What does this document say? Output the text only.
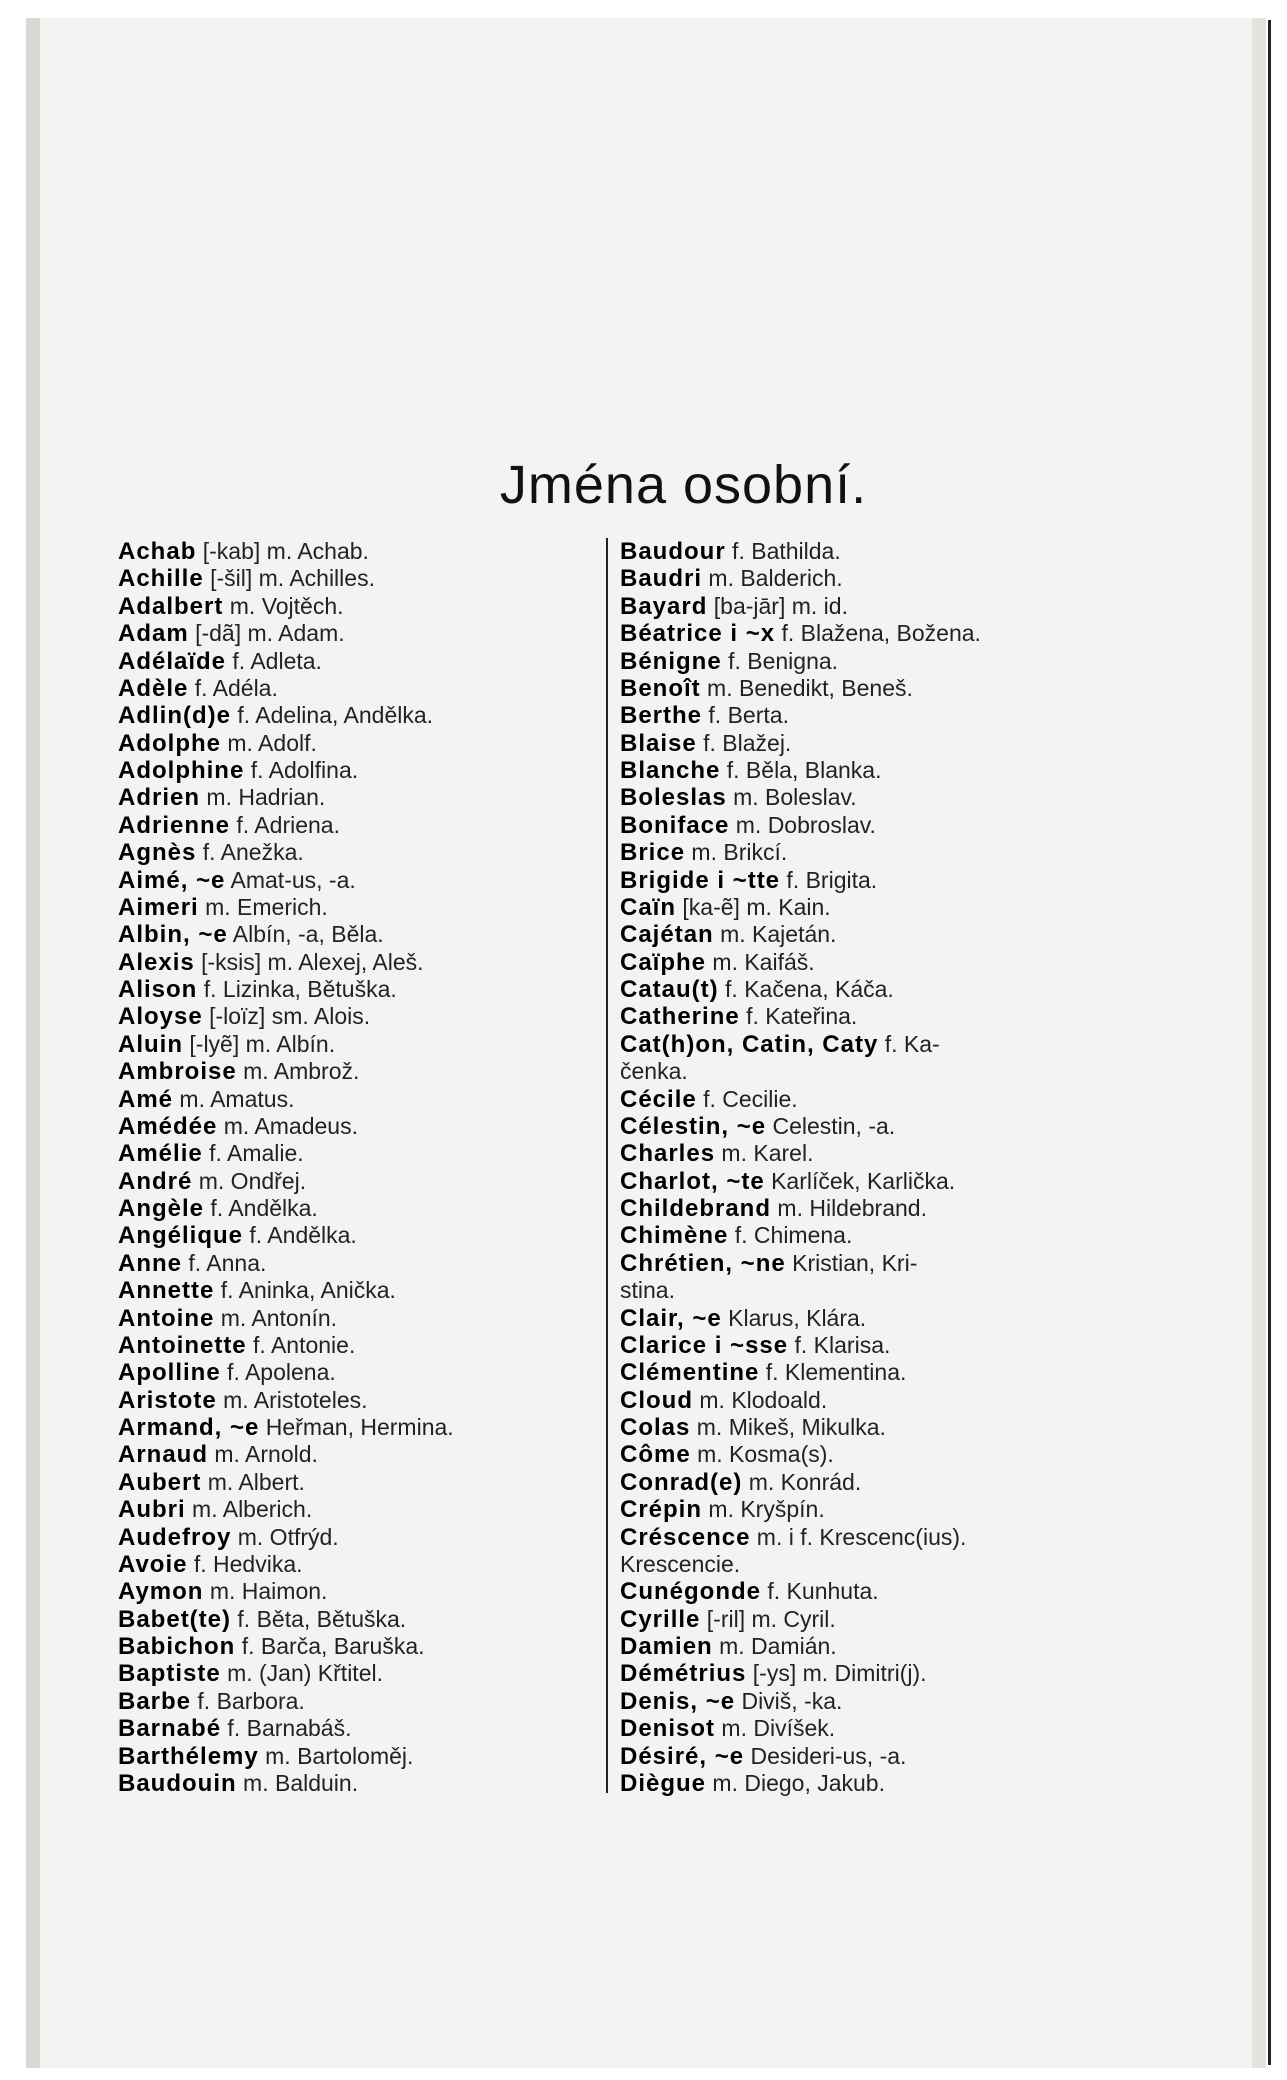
Jména osobní.
Achab [-kab] m. Achab.
Achille [-šil] m. Achilles.
Adalbert m. Vojtěch.
Adam [-dã] m. Adam.
Adélaïde f. Adleta.
Adèle f. Adéla.
Adlin(d)e f. Adelina, Andělka.
Adolphe m. Adolf.
Adolphine f. Adolfina.
Adrien m. Hadrian.
Adrienne f. Adriena.
Agnès f. Anežka.
Aimé, ~e Amat-us, -a.
Aimeri m. Emerich.
Albin, ~e Albín, -a, Běla.
Alexis [-ksis] m. Alexej, Aleš.
Alison f. Lizinka, Bětuška.
Aloyse [-loïz] sm. Alois.
Aluin [-lyẽ] m. Albín.
Ambroise m. Ambrož.
Amé m. Amatus.
Amédée m. Amadeus.
Amélie f. Amalie.
André m. Ondřej.
Angèle f. Andělka.
Angélique f. Andělka.
Anne f. Anna.
Annette f. Aninka, Anička.
Antoine m. Antonín.
Antoinette f. Antonie.
Apolline f. Apolena.
Aristote m. Aristoteles.
Armand, ~e Heřman, Hermina.
Arnaud m. Arnold.
Aubert m. Albert.
Aubri m. Alberich.
Audefroy m. Otfrýd.
Avoie f. Hedvika.
Aymon m. Haimon.
Babet(te) f. Běta, Bětuška.
Babichon f. Barča, Baruška.
Baptiste m. (Jan) Křtitel.
Barbe f. Barbora.
Barnabé f. Barnabáš.
Barthélemy m. Bartoloměj.
Baudouin m. Balduin.
Baudour f. Bathilda.
Baudri m. Balderich.
Bayard [ba-jār] m. id.
Béatrice i ~x f. Blažena, Božena.
Bénigne f. Benigna.
Benoît m. Benedikt, Beneš.
Berthe f. Berta.
Blaise f. Blažej.
Blanche f. Běla, Blanka.
Boleslas m. Boleslav.
Boniface m. Dobroslav.
Brice m. Brikcí.
Brigide i ~tte f. Brigita.
Caïn [ka-ẽ] m. Kain.
Cajétan m. Kajetán.
Caïphe m. Kaifáš.
Catau(t) f. Kačena, Káča.
Catherine f. Kateřina.
Cat(h)on, Catin, Caty f. Ka-
čenka.
Cécile f. Cecilie.
Célestin, ~e Celestin, -a.
Charles m. Karel.
Charlot, ~te Karlíček, Karlička.
Childebrand m. Hildebrand.
Chimène f. Chimena.
Chrétien, ~ne Kristian, Kri-
stina.
Clair, ~e Klarus, Klára.
Clarice i ~sse f. Klarisa.
Clémentine f. Klementina.
Cloud m. Klodoald.
Colas m. Mikeš, Mikulka.
Côme m. Kosma(s).
Conrad(e) m. Konrád.
Crépin m. Kryšpín.
Créscence m. i f. Krescenc(ius).
Krescencie.
Cunégonde f. Kunhuta.
Cyrille [-ril] m. Cyril.
Damien m. Damián.
Démétrius [-ys] m. Dimitri(j).
Denis, ~e Diviš, -ka.
Denisot m. Divíšek.
Désiré, ~e Desideri-us, -a.
Diègue m. Diego, Jakub.
